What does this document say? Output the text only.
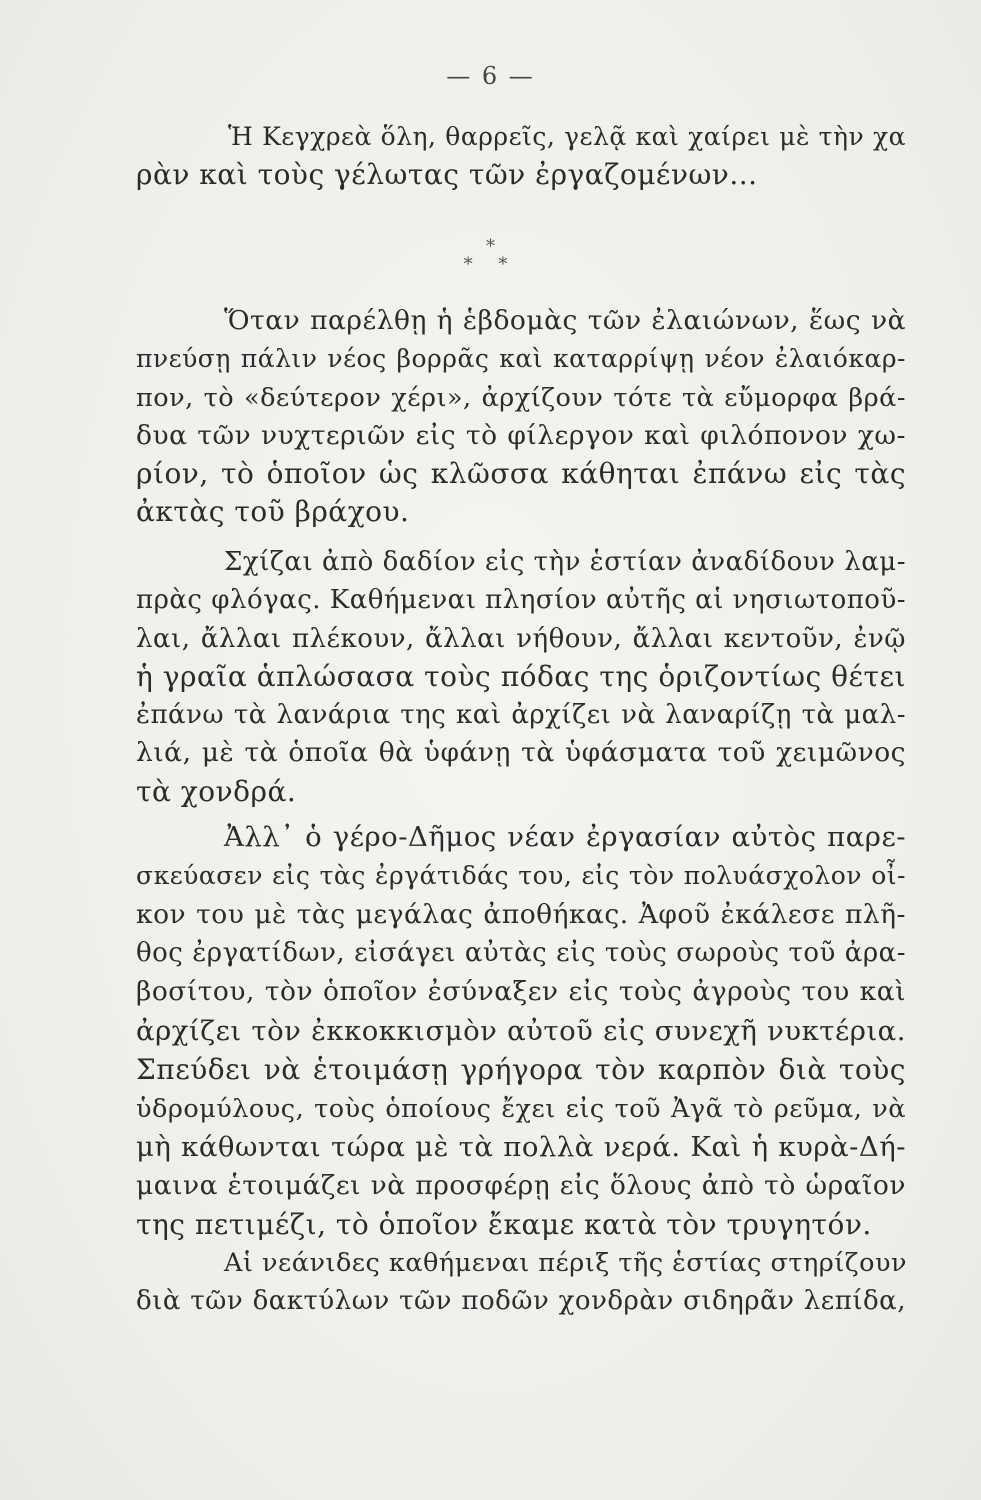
— 6 —
Ἡ Κεγχρεὰ ὅλη, θαρρεῖς, γελᾷ καὶ χαίρει μὲ τὴν χα
ρὰν καὶ τοὺς γέλωτας τῶν ἐργαζομένων...
*
* *
Ὅταν παρέλθῃ ἡ ἑβδομὰς τῶν ἐλαιώνων, ἕως νὰ
πνεύσῃ πάλιν νέος βορρᾶς καὶ καταρρίψῃ νέον ἐλαιόκαρ-
πον, τὸ «δεύτερον χέρι», ἀρχίζουν τότε τὰ εὔμορφα βρά-
δυα τῶν νυχτεριῶν εἰς τὸ φίλεργον καὶ φιλόπονον χω-
ρίον, τὸ ὁποῖον ὡς κλῶσσα κάθηται ἐπάνω εἰς τὰς
ἀκτὰς τοῦ βράχου.
Σχίζαι ἀπὸ δαδίον εἰς τὴν ἑστίαν ἀναδίδουν λαμ-
πρὰς φλόγας. Καθήμεναι πλησίον αὐτῆς αἱ νησιωτοποῦ-
λαι, ἄλλαι πλέκουν, ἄλλαι νήθουν, ἄλλαι κεντοῦν, ἐνῷ
ἡ γραῖα ἁπλώσασα τοὺς πόδας της ὁριζοντίως θέτει
ἐπάνω τὰ λανάρια της καὶ ἀρχίζει νὰ λαναρίζῃ τὰ μαλ-
λιά, μὲ τὰ ὁποῖα θὰ ὑφάνῃ τὰ ὑφάσματα τοῦ χειμῶνος
τὰ χονδρά.
Ἀλλ᾿ ὁ γέρο-Δῆμος νέαν ἐργασίαν αὐτὸς παρε-
σκεύασεν εἰς τὰς ἐργάτιδάς του, εἰς τὸν πολυάσχολον οἶ-
κον του μὲ τὰς μεγάλας ἀποθήκας. Ἀφοῦ ἐκάλεσε πλῆ-
θος ἐργατίδων, εἰσάγει αὐτὰς εἰς τοὺς σωροὺς τοῦ ἀρα-
βοσίτου, τὸν ὁποῖον ἐσύναξεν εἰς τοὺς ἀγροὺς του καὶ
ἀρχίζει τὸν ἐκκοκκισμὸν αὐτοῦ εἰς συνεχῆ νυκτέρια.
Σπεύδει νὰ ἑτοιμάσῃ γρήγορα τὸν καρπὸν διὰ τοὺς
ὑδρομύλους, τοὺς ὁποίους ἔχει εἰς τοῦ Ἀγᾶ τὸ ρεῦμα, νὰ
μὴ κάθωνται τώρα μὲ τὰ πολλὰ νερά. Καὶ ἡ κυρὰ-Δή-
μαινα ἑτοιμάζει νὰ προσφέρῃ εἰς ὅλους ἀπὸ τὸ ὡραῖον
της πετιμέζι, τὸ ὁποῖον ἔκαμε κατὰ τὸν τρυγητόν.
Αἱ νεάνιδες καθήμεναι πέριξ τῆς ἑστίας στηρίζουν
διὰ τῶν δακτύλων τῶν ποδῶν χονδρὰν σιδηρᾶν λεπίδα,
